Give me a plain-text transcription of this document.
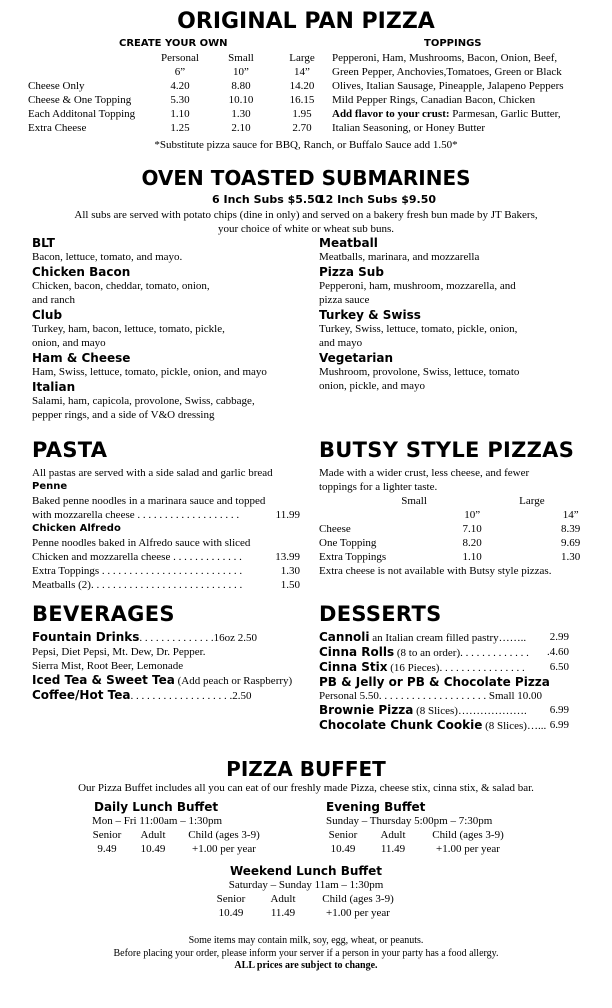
ORIGINAL PAN PIZZA
CREATE YOUR OWN	TOPPINGS
	Personal	Small	Large
	6”	10”	14”
Cheese Only	4.20	8.80	14.20
Cheese & One Topping	5.30	10.10	16.15
Each Additonal Topping	1.10	1.30	1.95
Extra Cheese	1.25	2.10	2.70
Pepperoni, Ham, Mushrooms, Bacon, Onion, Beef,
Green Pepper, Anchovies,Tomatoes, Green or Black
Olives, Italian Sausage, Pineapple, Jalapeno Peppers
Mild Pepper Rings, Canadian Bacon, Chicken
Add flavor to your crust: Parmesan, Garlic Butter,
Italian Seasoning, or Honey Butter
*Substitute pizza sauce for BBQ, Ranch, or Buffalo Sauce add 1.50*
OVEN TOASTED SUBMARINES
6 Inch Subs $5.50
12 Inch Subs $9.50
All subs are served with potato chips (dine in only) and served on a bakery fresh bun made by JT Bakers,
your choice of white or wheat sub buns.
BLT
Bacon, lettuce, tomato, and mayo.
Chicken Bacon
Chicken, bacon, cheddar, tomato, onion,
and ranch
Club
Turkey, ham, bacon, lettuce, tomato, pickle,
onion, and mayo
Ham & Cheese
Ham, Swiss, lettuce, tomato, pickle, onion, and mayo
Italian
Salami, ham, capicola, provolone, Swiss, cabbage,
pepper rings, and a side of V&O dressing
Meatball
Meatballs, marinara, and mozzarella
Pizza Sub
Pepperoni, ham, mushroom, mozzarella, and
pizza sauce
Turkey & Swiss
Turkey, Swiss, lettuce, tomato, pickle, onion,
and mayo
Vegetarian
Mushroom, provolone, Swiss, lettuce, tomato
onion, pickle, and mayo
PASTA
All pastas are served with a side salad and garlic bread
Penne
Baked penne noodles in a marinara sauce and topped
with mozzarella cheese . . . . . . . . . . . . . . . . . . .	11.99
Chicken Alfredo
Penne noodles baked in Alfredo sauce with sliced
Chicken and mozzarella cheese . . . . . . . . . . . . .	13.99
Extra Toppings . . . . . . . . . . . . . . . . . . . . . . . . . .	1.30
Meatballs (2). . . . . . . . . . . . . . . . . . . . . . . . . . . .	1.50
BUTSY STYLE PIZZAS
Made with a wider crust, less cheese, and fewer
toppings for a lighter taste.
	Small		Large	
		10”		14”
Cheese		7.10		8.39
One Topping		8.20		9.69
Extra Toppings		1.10		1.30
Extra cheese is not available with Butsy style pizzas.
BEVERAGES
Fountain Drinks. . . . . . . . . . . . . .16oz 2.50
Pepsi, Diet Pepsi, Mt. Dew, Dr. Pepper.
Sierra Mist, Root Beer, Lemonade
Iced Tea & Sweet Tea (Add peach or Raspberry)
Coffee/Hot Tea. . . . . . . . . . . . . . . . . . .2.50
DESSERTS
Cannoli an Italian cream filled pastry…….. 2.99
Cinna Rolls (8 to an order). . . . . . . . . . . . . .4.60
Cinna Stix (16 Pieces). . . . . . . . . . . . . . . . 6.50
PB & Jelly or PB & Chocolate Pizza
Personal 5.50. . . . . . . . . . . . . . . . . . . . Small 10.00
Brownie Pizza (8 Slices)………………. 6.99
Chocolate Chunk Cookie (8 Slices)…... 6.99
PIZZA BUFFET
Our Pizza Buffet includes all you can eat of our freshly made Pizza, cheese stix, cinna stix, & salad bar.
Daily Lunch Buffet
Mon – Fri 11:00am – 1:30pm
Senior		Adult		Child (ages 3-9)
9.49		10.49		+1.00 per year
Evening Buffet
Sunday – Thursday 5:00pm – 7:30pm
Senior		Adult		Child (ages 3-9)
10.49		11.49		+1.00 per year
Weekend Lunch Buffet
Saturday – Sunday 11am – 1:30pm
Senior		Adult		Child (ages 3-9)
10.49		11.49		+1.00 per year
Some items may contain milk, soy, egg, wheat, or peanuts.
Before placing your order, please inform your server if a person in your party has a food allergy.
ALL prices are subject to change.
